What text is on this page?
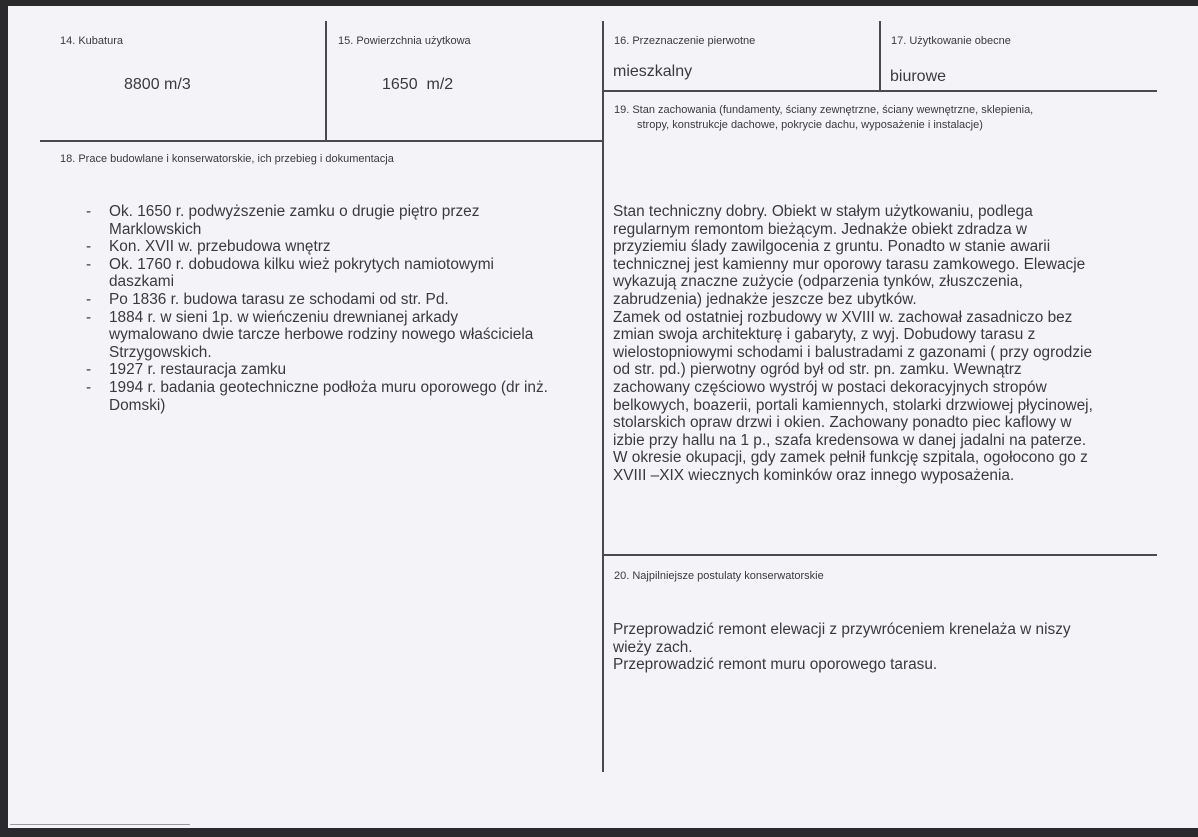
14. Kubatura
8800 m/3
15. Powierzchnia użytkowa
1650  m/2
16. Przeznaczenie pierwotne
mieszkalny
17. Użytkowanie obecne
biurowe
18. Prace budowlane i konserwatorskie, ich przebieg i dokumentacja
- Ok. 1650 r. podwyższenie zamku o drugie piętro przez
Marklowskich
- Kon. XVII w. przebudowa wnętrz
- Ok. 1760 r. dobudowa kilku wież pokrytych namiotowymi
daszkami
- Po 1836 r. budowa tarasu ze schodami od str. Pd.
- 1884 r. w sieni 1p. w wieńczeniu drewnianej arkady
wymalowano dwie tarcze herbowe rodziny nowego właściciela
Strzygowskich.
- 1927 r. restauracja zamku
- 1994 r. badania geotechniczne podłoża muru oporowego (dr inż.
Domski)
19. Stan zachowania (fundamenty, ściany zewnętrzne, ściany wewnętrzne, sklepienia,
stropy, konstrukcje dachowe, pokrycie dachu, wyposażenie i instalacje)
Stan techniczny dobry. Obiekt w stałym użytkowaniu, podlega
regularnym remontom bieżącym. Jednakże obiekt zdradza w
przyziemiu ślady zawilgocenia z gruntu. Ponadto w stanie awarii
technicznej jest kamienny mur oporowy tarasu zamkowego. Elewacje
wykazują znaczne zużycie (odparzenia tynków, złuszczenia,
zabrudzenia) jednakże jeszcze bez ubytków.
Zamek od ostatniej rozbudowy w XVIII w. zachował zasadniczo bez
zmian swoja architekturę i gabaryty, z wyj. Dobudowy tarasu z
wielostopniowymi schodami i balustradami z gazonami ( przy ogrodzie
od str. pd.) pierwotny ogród był od str. pn. zamku. Wewnątrz
zachowany częściowo wystrój w postaci dekoracyjnych stropów
belkowych, boazerii, portali kamiennych, stolarki drzwiowej płycinowej,
stolarskich opraw drzwi i okien. Zachowany ponadto piec kaflowy w
izbie przy hallu na 1 p., szafa kredensowa w danej jadalni na paterze.
W okresie okupacji, gdy zamek pełnił funkcję szpitala, ogołocono go z
XVIII –XIX wiecznych kominków oraz innego wyposażenia.
20. Najpilniejsze postulaty konserwatorskie
Przeprowadzić remont elewacji z przywróceniem krenelaża w niszy
wieży zach.
Przeprowadzić remont muru oporowego tarasu.
